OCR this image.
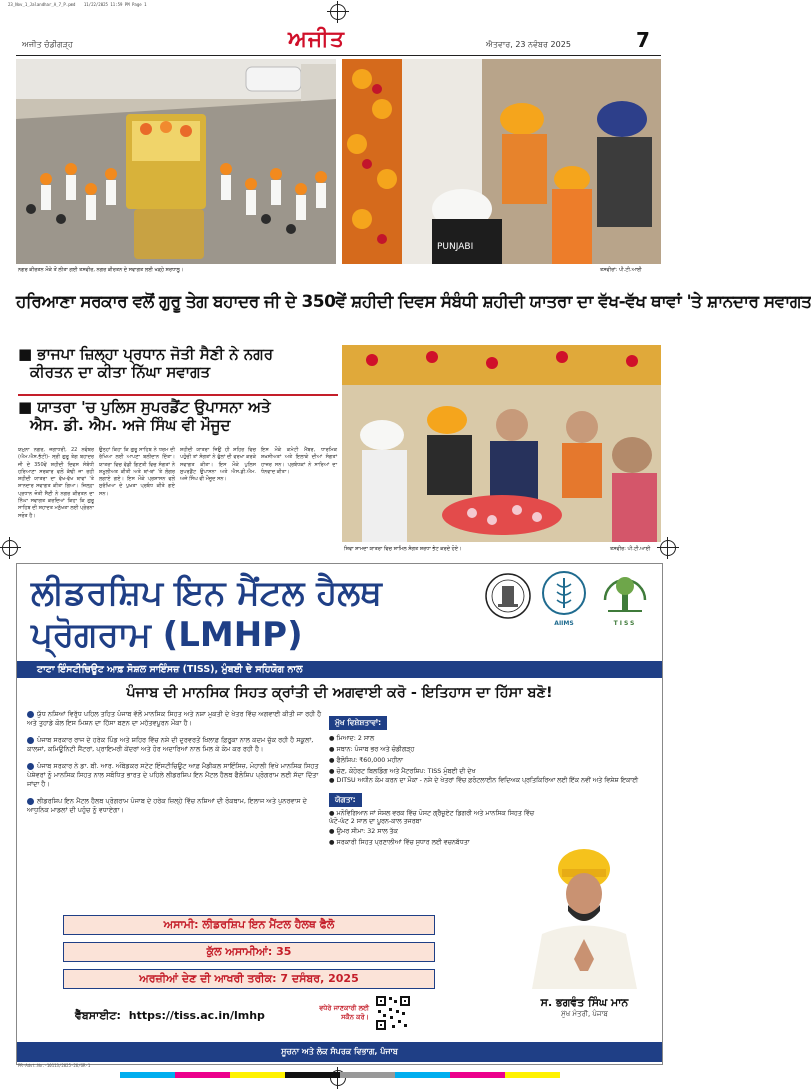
23_Nov_1_Jalandhar_A_7_P.pmd 11/22/2025 11:59 PM Page 1
ਅਜੀਤ ਚੰਡੀਗੜ੍ਹ	ਅਜੀਤ	ਐਤਵਾਰ, 23 ਨਵੰਬਰ 2025	7
ਨਗਰ ਕੀਰਤਨ ਮੌਕੇ ਤੋਂ ਲੀਤਾ ਗਈ ਤਸਵੀਰ, ਨਗਰ ਕੀਰਤਨ ਦੇ ਸਵਾਗਤ ਲਈ ਖੜ੍ਹੇ ਸ਼ਰਧਾਲੂ।
PUNJABI
ਤਸਵੀਰਾਂ: ਪੀ.ਟੀ.ਆਈ
ਹਰਿਆਣਾ ਸਰਕਾਰ ਵਲੋਂ ਗੁਰੂ ਤੇਗ ਬਹਾਦਰ ਜੀ ਦੇ 350ਵੇਂ ਸ਼ਹੀਦੀ ਦਿਵਸ ਸੰਬੰਧੀ ਸ਼ਹੀਦੀ ਯਾਤਰਾ ਦਾ ਵੱਖ-ਵੱਖ ਥਾਵਾਂ 'ਤੇ ਸ਼ਾਨਦਾਰ ਸਵਾਗਤ
■ ਭਾਜਪਾ ਜ਼ਿਲ੍ਹਾ ਪ੍ਰਧਾਨ ਜੋਤੀ ਸੈਣੀ ਨੇ ਨਗਰ
ਕੀਰਤਨ ਦਾ ਕੀਤਾ ਨਿੱਘਾ ਸਵਾਗਤ
■ ਯਾਤਰਾ 'ਚ ਪੁਲਿਸ ਸੁਪਰਡੈਂਟ ਉਪਾਸਨਾ ਅਤੇ
ਐਸ. ਡੀ. ਐਮ. ਅਜੇ ਸਿੰਘ ਵੀ ਮੌਜੂਦ
ਯਮੁਨਾ ਨਗਰ, ਜਗਾਧਰੀ, 22 ਨਵੰਬਰ (ਐਮ.ਐਸ.ਭੱਟੀ)- ਸ੍ਰੀ ਗੁਰੂ ਤੇਗ ਬਹਾਦਰ ਜੀ ਦੇ 350ਵੇਂ ਸ਼ਹੀਦੀ ਦਿਵਸ ਸੰਬੰਧੀ ਹਰਿਆਣਾ ਸਰਕਾਰ ਵਲੋਂ ਕੱਢੀ ਜਾ ਰਹੀ ਸ਼ਹੀਦੀ ਯਾਤਰਾ ਦਾ ਵੱਖ-ਵੱਖ ਥਾਵਾਂ 'ਤੇ ਸ਼ਾਨਦਾਰ ਸਵਾਗਤ ਕੀਤਾ ਗਿਆ। ਜ਼ਿਲ੍ਹਾ ਪ੍ਰਧਾਨ ਜੋਤੀ ਸੈਣੀ ਨੇ ਨਗਰ ਕੀਰਤਨ ਦਾ ਨਿੱਘਾ ਸਵਾਗਤ ਕਰਦਿਆਂ ਕਿਹਾ ਕਿ ਗੁਰੂ ਸਾਹਿਬ ਦੀ ਸ਼ਹਾਦਤ ਮਨੁੱਖਤਾ ਲਈ ਪ੍ਰੇਰਨਾ ਸਰੋਤ ਹੈ।
ਉਨ੍ਹਾਂ ਕਿਹਾ ਕਿ ਗੁਰੂ ਸਾਹਿਬ ਨੇ ਧਰਮ ਦੀ ਰੱਖਿਆ ਲਈ ਆਪਣਾ ਬਲੀਦਾਨ ਦਿੱਤਾ। ਯਾਤਰਾ ਵਿਚ ਵੱਡੀ ਗਿਣਤੀ ਵਿਚ ਸੰਗਤਾਂ ਨੇ ਸ਼ਮੂਲੀਅਤ ਕੀਤੀ ਅਤੇ ਥਾਂ-ਥਾਂ 'ਤੇ ਲੰਗਰ ਲਗਾਏ ਗਏ। ਇਸ ਮੌਕੇ ਪ੍ਰਸ਼ਾਸਨ ਵਲੋਂ ਸੁਰੱਖਿਆ ਦੇ ਪੁਖ਼ਤਾ ਪ੍ਰਬੰਧ ਕੀਤੇ ਗਏ ਸਨ।
ਸ਼ਹੀਦੀ ਯਾਤਰਾ ਜਿਉਂ ਹੀ ਸ਼ਹਿਰ ਵਿਚ ਪਹੁੰਚੀ ਤਾਂ ਸੰਗਤਾਂ ਨੇ ਫੁੱਲਾਂ ਦੀ ਵਰਖਾ ਕਰਕੇ ਸਵਾਗਤ ਕੀਤਾ। ਇਸ ਮੌਕੇ ਪੁਲਿਸ ਸੁਪਰਡੈਂਟ ਉਪਾਸਨਾ ਅਤੇ ਐਸ.ਡੀ.ਐਮ. ਅਜੇ ਸਿੰਘ ਵੀ ਮੌਜੂਦ ਸਨ।
ਇਸ ਮੌਕੇ ਕਮੇਟੀ ਮੈਂਬਰ, ਧਾਰਮਿਕ ਸ਼ਖ਼ਸੀਅਤਾਂ ਅਤੇ ਇਲਾਕੇ ਦੀਆਂ ਸੰਗਤਾਂ ਹਾਜ਼ਰ ਸਨ। ਪ੍ਰਬੰਧਕਾਂ ਨੇ ਸਾਰਿਆਂ ਦਾ ਧੰਨਵਾਦ ਕੀਤਾ।
ਸ਼ਿਵਾ ਸ਼ਾਮਦਾ ਯਾਤਰਾ ਵਿਚ ਸ਼ਾਮਿਲ ਸੰਗਤ ਸ਼ਰਧਾ ਭੇਟ ਕਰਦੇ ਹੋਏ।	ਤਸਵੀਰ: ਪੀ.ਟੀ.ਆਈ
ਲੀਡਰਸ਼ਿਪ ਇਨ ਮੈਂਟਲ ਹੈਲਥ
ਪ੍ਰੋਗਰਾਮ (LMHP)	AIIMS	TISS
ਟਾਟਾ ਇੰਸਟੀਚਿਊਟ ਆਫ਼ ਸੋਸ਼ਲ ਸਾਇੰਸਜ਼ (TISS), ਮੁੰਬਈ ਦੇ ਸਹਿਯੋਗ ਨਾਲ
ਪੰਜਾਬ ਦੀ ਮਾਨਸਿਕ ਸਿਹਤ ਕ੍ਰਾਂਤੀ ਦੀ ਅਗਵਾਈ ਕਰੋ - ਇਤਿਹਾਸ ਦਾ ਹਿੱਸਾ ਬਣੋ!
ਯੁੱਧ ਨਸ਼ਿਆਂ ਵਿਰੁੱਧ ਪਹਿਲ ਤਹਿਤ ਪੰਜਾਬ ਵੱਲੋਂ ਮਾਨਸਿਕ ਸਿਹਤ ਅਤੇ ਨਸ਼ਾ ਮੁਕਤੀ ਦੇ ਖੇਤਰ ਵਿੱਚ ਅਗਵਾਈ ਕੀਤੀ ਜਾ ਰਹੀ ਹੈ ਅਤੇ ਤੁਹਾਡੇ ਕੋਲ ਇਸ ਮਿਸ਼ਨ ਦਾ ਹਿੱਸਾ ਬਣਨ ਦਾ ਮਹੱਤਵਪੂਰਨ ਮੌਕਾ ਹੈ।
ਪੰਜਾਬ ਸਰਕਾਰ ਰਾਜ ਦੇ ਹਰੇਕ ਪਿੰਡ ਅਤੇ ਸ਼ਹਿਰ ਵਿੱਚ ਨਸ਼ੇ ਦੀ ਦੁਰਵਰਤੋਂ ਖ਼ਿਲਾਫ਼ ਫ਼ਿਰੂਕਾ ਨਾਲ ਕਦਮ ਚੁੱਕ ਰਹੀ ਹੈ ਸਕੂਲਾਂ, ਕਾਲਜਾਂ, ਕਮਿਊਨਿਟੀ ਸੈਂਟਰਾਂ, ਪ੍ਰਾਇਮਰੀ ਕੇਂਦਰਾਂ ਅਤੇ ਹੋਰ ਅਦਾਰਿਆਂ ਨਾਲ ਮਿਲ ਕੇ ਕੰਮ ਕਰ ਰਹੀ ਹੈ।
ਪੰਜਾਬ ਸਰਕਾਰ ਨੇ ਡਾ. ਬੀ. ਆਰ. ਅੰਬੇਡਕਰ ਸਟੇਟ ਇੰਸਟੀਚਿਊਟ ਆਫ਼ ਮੈਡੀਕਲ ਸਾਇੰਸਿਜ਼, ਮੋਹਾਲੀ ਵਿਖੇ ਮਾਨਸਿਕ ਸਿਹਤ ਪੇਸ਼ੇਵਰਾਂ ਨੂੰ ਮਾਨਸਿਕ ਸਿਹਤ ਨਾਲ ਸਬੰਧਿਤ ਭਾਰਤ ਦੇ ਪਹਿਲੇ ਲੀਡਰਸ਼ਿਪ ਇਨ ਮੈਂਟਲ ਹੈਲਥ ਫੈਲੋਸ਼ਿਪ ਪ੍ਰੋਗਰਾਮ ਲਈ ਸੱਦਾ ਦਿੱਤਾ ਜਾਂਦਾ ਹੈ।
ਲੀਡਰਸ਼ਿਪ ਇਨ ਮੈਂਟਲ ਹੈਲਥ ਪ੍ਰੋਗਰਾਮ ਪੰਜਾਬ ਦੇ ਹਰੇਕ ਜ਼ਿਲ੍ਹੇ ਵਿੱਚ ਨਸ਼ਿਆਂ ਦੀ ਰੋਕਥਾਮ, ਇਲਾਜ ਅਤੇ ਪੁਨਰਵਾਸ ਦੇ ਆਧੁਨਿਕ ਮਾਡਲਾਂ ਦੀ ਪਹੁੰਚ ਨੂੰ ਵਧਾਏਗਾ।
ਮੁੱਖ ਵਿਸ਼ੇਸ਼ਤਾਵਾਂ:
● ਮਿਆਦ: 2 ਸਾਲ
● ਸਥਾਨ: ਪੰਜਾਬ ਭਰ ਅਤੇ ਚੰਡੀਗੜ੍ਹ
● ਫੈਲੋਸ਼ਿਪ: ₹60,000 ਮਹੀਨਾ
● ਚੋਣ, ਕੋਹੋਰਟ ਬਿਲਡਿੰਗ ਅਤੇ ਮੈਂਟਰਸ਼ਿਪ: TISS ਮੁੰਬਈ ਦੀ ਦੇਖ
● DITSU ਅਧੀਨ ਕੰਮ ਕਰਨ ਦਾ ਮੌਕਾ - ਨਸ਼ੇ ਦੇ ਖੇਤਰਾਂ ਵਿੱਚ ਫ਼ਰੰਟਲਾਈਨ ਵਿਦਿਅਕ ਪ੍ਰਤਿਕਿਰਿਆ ਲਈ ਇੱਕ ਨਵੀਂ ਅਤੇ ਵਿਸ਼ੇਸ਼ ਇਕਾਈ
ਯੋਗਤਾ:
● ਮਨੋਵਿਗਿਆਨ ਜਾਂ ਸੋਸ਼ਲ ਵਰਕ ਵਿੱਚ ਪੋਸਟ ਗ੍ਰੈਜੂਏਟ ਡਿਗਰੀ ਅਤੇ ਮਾਨਸਿਕ ਸਿਹਤ ਵਿੱਚ ਘੱਟੋ-ਘੱਟ 2 ਸਾਲ ਦਾ ਪੂਰਨ-ਕਾਲ ਤਜਰਬਾ
● ਉਮਰ ਸੀਮਾ: 32 ਸਾਲ ਤੱਕ
● ਸਰਕਾਰੀ ਸਿਹਤ ਪ੍ਰਣਾਲੀਆਂ ਵਿੱਚ ਸੁਧਾਰ ਲਈ ਵਚਨਬੱਧਤਾ
ਅਸਾਮੀ: ਲੀਡਰਸ਼ਿਪ ਇਨ ਮੈਂਟਲ ਹੈਲਥ ਫੈਲੋ
ਕੁੱਲ ਅਸਾਮੀਆਂ: 35
ਅਰਜ਼ੀਆਂ ਦੇਣ ਦੀ ਆਖਰੀ ਤਰੀਕ: 7 ਦਸੰਬਰ, 2025
ਵੈੱਬਸਾਈਟ: https://tiss.ac.in/lmhp
ਵਧੇਰੇ ਜਾਣਕਾਰੀ ਲਈ ਸਕੈਨ ਕਰੋ।
ਸ. ਭਗਵੰਤ ਸਿੰਘ ਮਾਨ
ਮੁੱਖ ਮੰਤਰੀ, ਪੰਜਾਬ
ਸੂਚਨਾ ਅਤੇ ਲੋਕ ਸੰਪਰਕ ਵਿਭਾਗ, ਪੰਜਾਬ
PR-Advt.No.-10113/2025-26/GR-1
